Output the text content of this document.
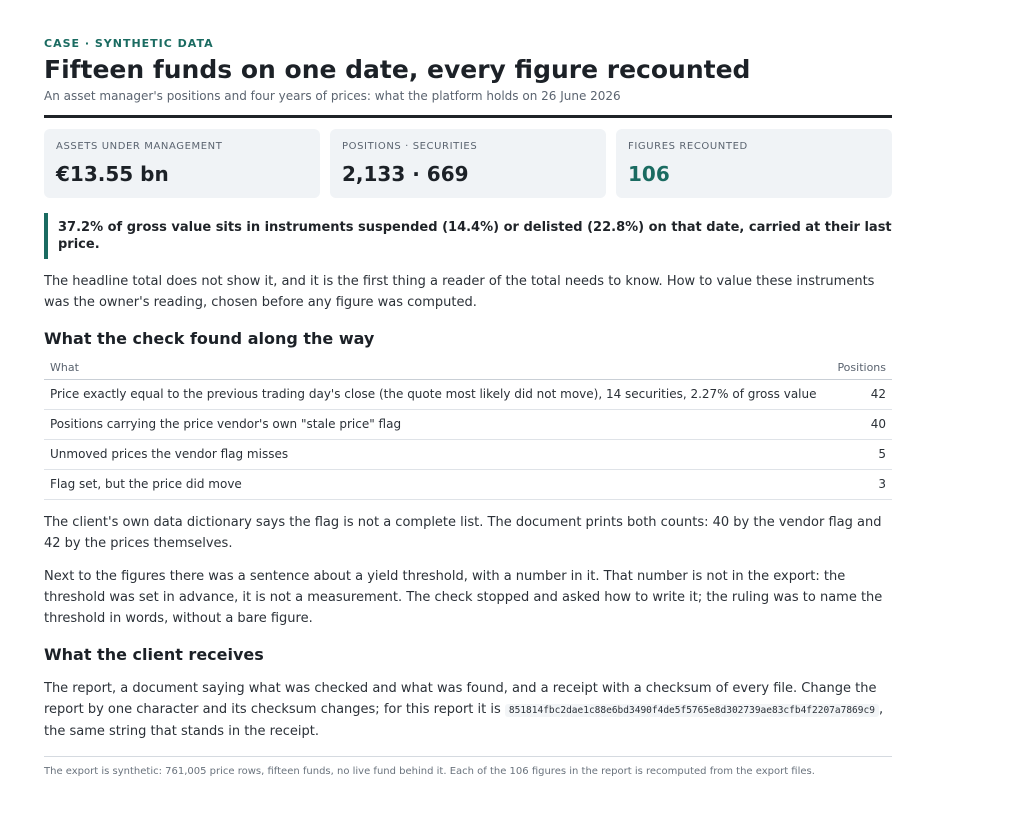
CASE · SYNTHETIC DATA
Fifteen funds on one date, every figure recounted
An asset manager's positions and four years of prices: what the platform holds on 26 June 2026
ASSETS UNDER MANAGEMENT
€13.55 bn
POSITIONS · SECURITIES
2,133 · 669
FIGURES RECOUNTED
106
37.2% of gross value sits in instruments suspended (14.4%) or delisted (22.8%) on that date, carried at their last price.

The headline total does not show it, and it is the first thing a reader of the total needs to know. How to value these instruments was the owner's reading, chosen before any figure was computed.

What the check found along the way
What	Positions
Price exactly equal to the previous trading day's close (the quote most likely did not move), 14 securities, 2.27% of gross value	42
Positions carrying the price vendor's own "stale price" flag	40
Unmoved prices the vendor flag misses	5
Flag set, but the price did move	3

The client's own data dictionary says the flag is not a complete list. The document prints both counts: 40 by the vendor flag and 42 by the prices themselves.

Next to the figures there was a sentence about a yield threshold, with a number in it. That number is not in the export: the threshold was set in advance, it is not a measurement. The check stopped and asked how to write it; the ruling was to name the threshold in words, without a bare figure.

What the client receives

The report, a document saying what was checked and what was found, and a receipt with a checksum of every file. Change the report by one character and its checksum changes; for this report it is 851814fbc2dae1c88e6bd3490f4de5f5765e8d302739ae83cfb4f2207a7869c9 , the same string that stands in the receipt.

The export is synthetic: 761,005 price rows, fifteen funds, no live fund behind it. Each of the 106 figures in the report is recomputed from the export files.
